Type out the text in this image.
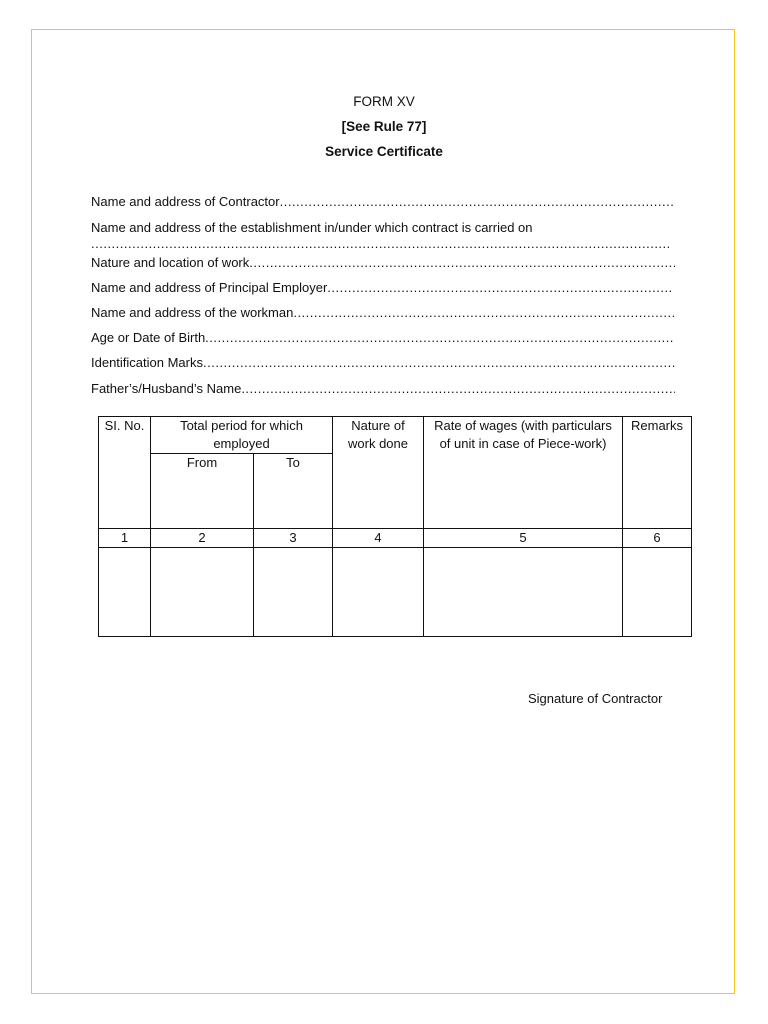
FORM XV
[See Rule 77]
Service Certificate
Name and address of Contractor
.....
Name and address of the establishment in/under which contract is carried on
.....
Nature and location of work
.....
Name and address of Principal Employer
.....
Name and address of the workman
.....
Age or Date of Birth
.....
Identification Marks
.....
Father’s/Husband’s Name
.....
SI. No.	Total period for which employed		Nature of work done	Rate of wages (with particulars of unit in case of Piece-work)	Remarks
	From	To			
1	2	3	4	5	6

Signature of Contractor
